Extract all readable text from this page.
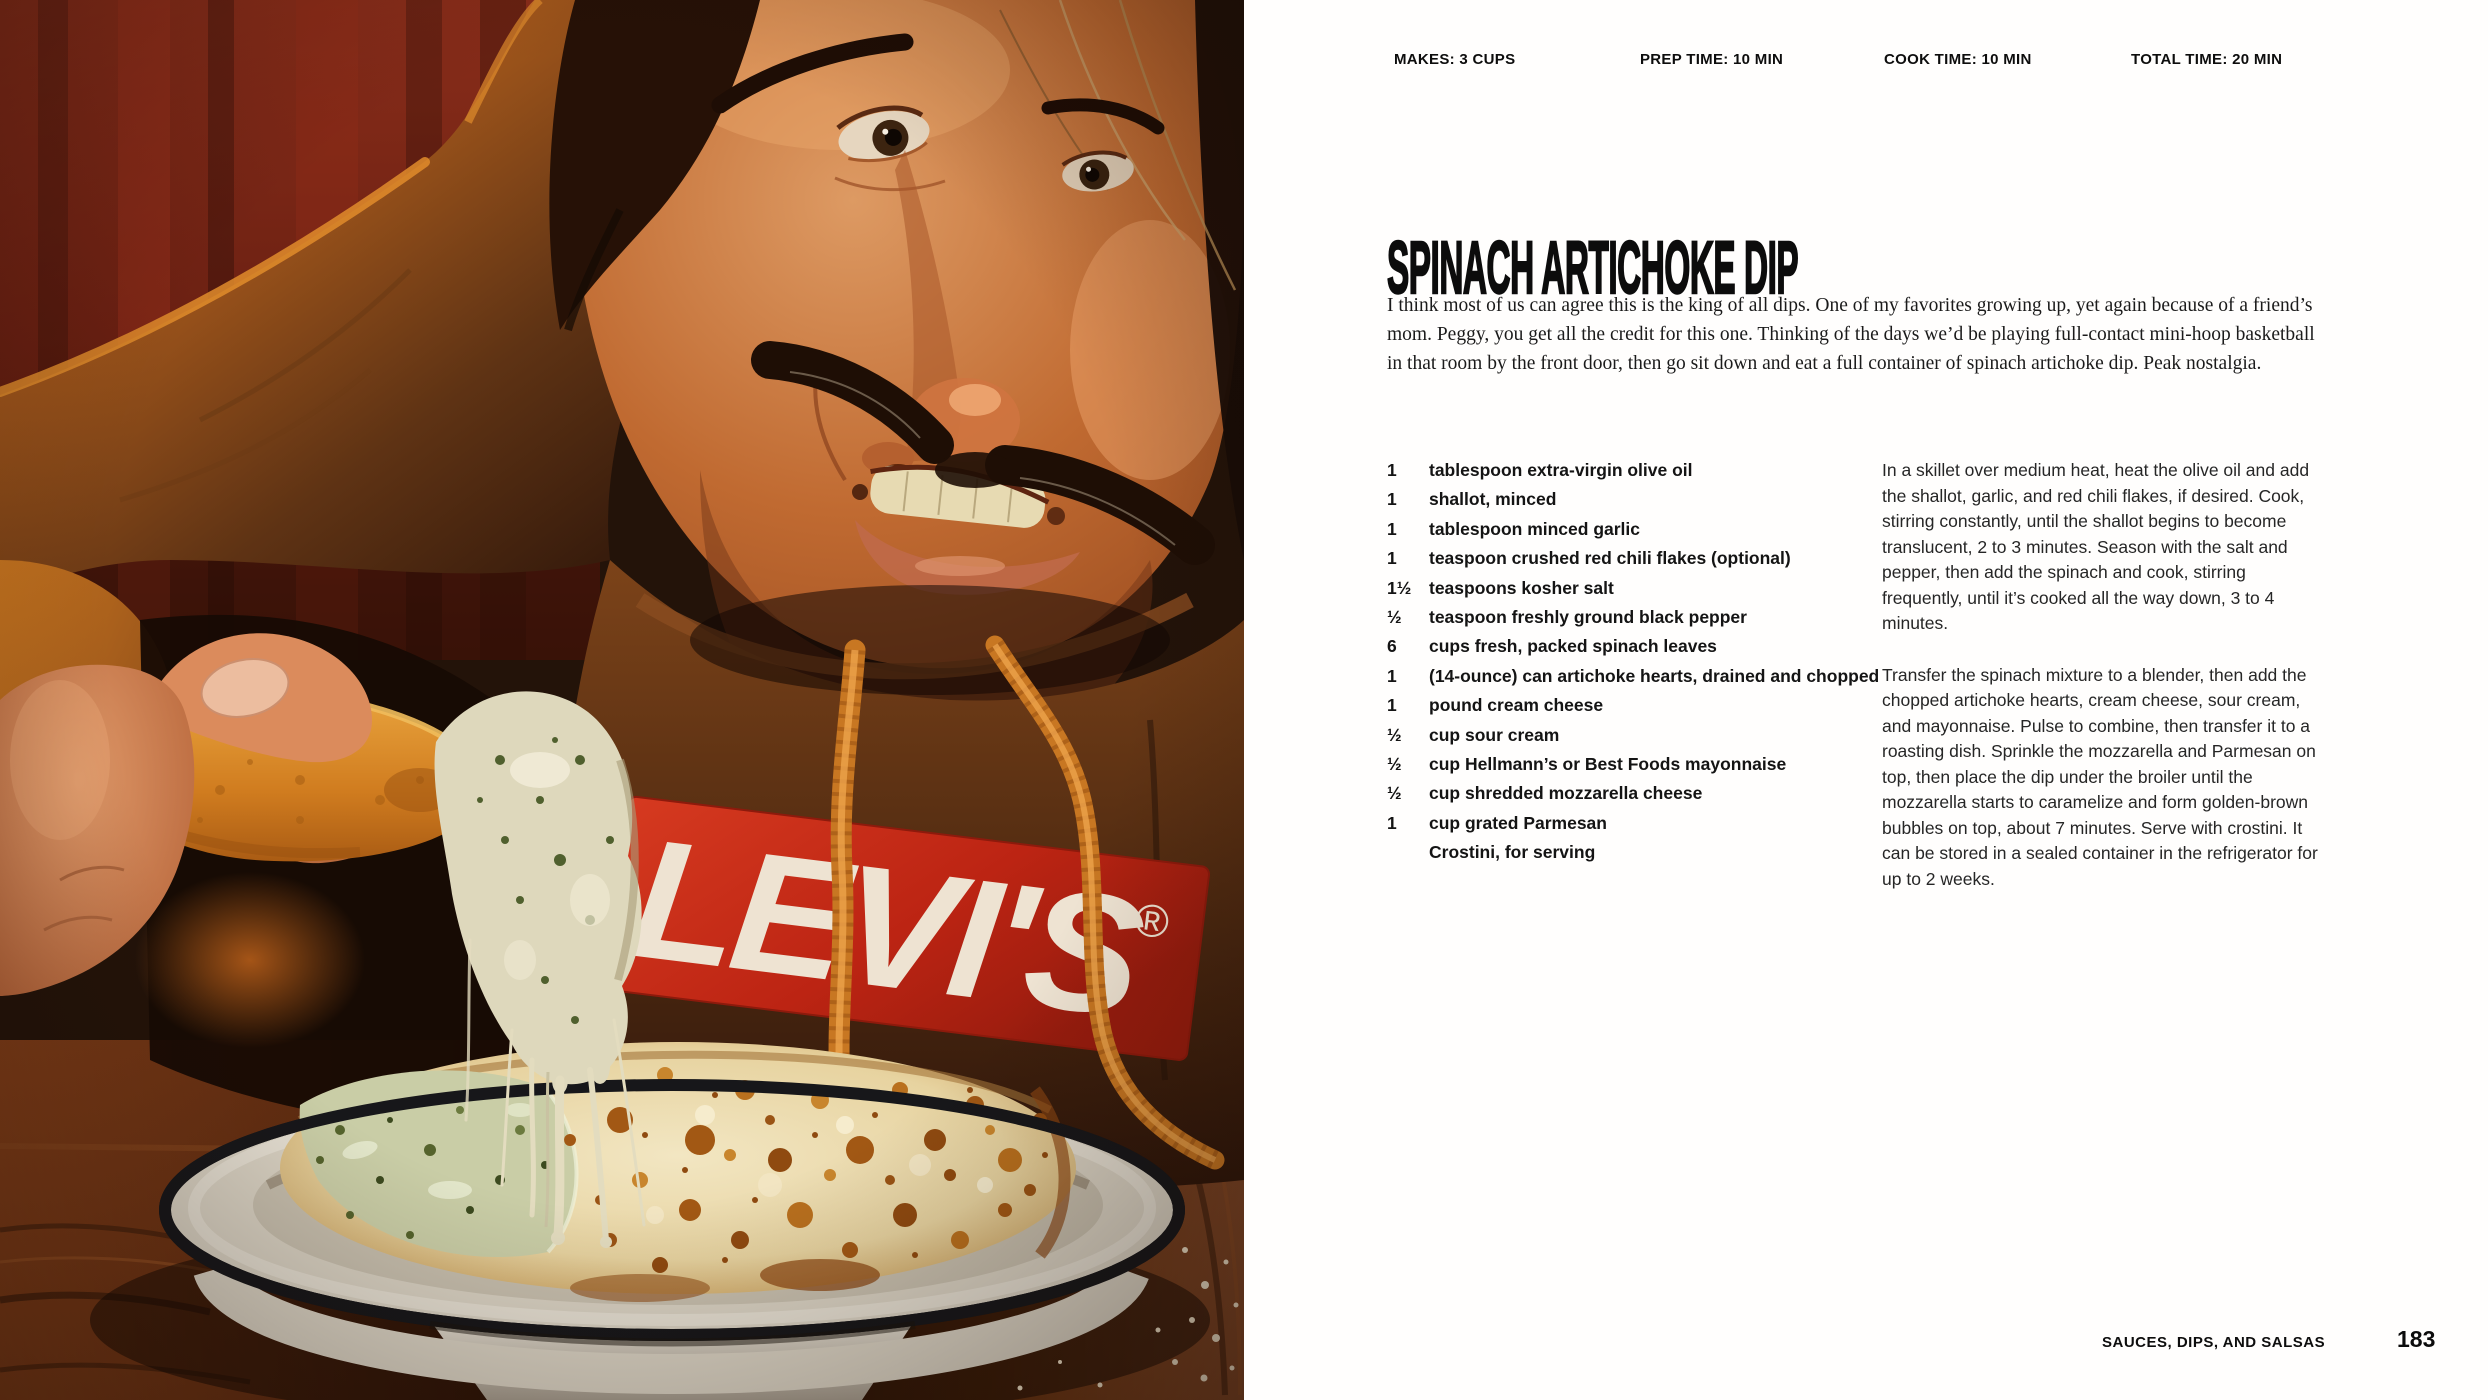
MAKES: 3 CUPS	PREP TIME: 10 MIN	COOK TIME: 10 MIN	TOTAL TIME: 20 MIN
SPINACH ARTICHOKE DIP

I think most of us can agree this is the king of all dips. One of my favorites growing up, yet again because of a friend’s mom. Peggy, you get all the credit for this one. Thinking of the days we’d be playing full-contact mini-hoop basketball in that room by the front door, then go sit down and eat a full container of spinach artichoke dip. Peak nostalgia.

1	tablespoon extra-virgin olive oil
1	shallot, minced
1	tablespoon minced garlic
1	teaspoon crushed red chili flakes (optional)
1½	teaspoons kosher salt
½	teaspoon freshly ground black pepper
6	cups fresh, packed spinach leaves
1	(14-ounce) can artichoke hearts, drained and chopped
1	pound cream cheese
½	cup sour cream
½	cup Hellmann’s or Best Foods mayonnaise
½	cup shredded mozzarella cheese
1	cup grated Parmesan
Crostini, for serving

In a skillet over medium heat, heat the olive oil and add the shallot, garlic, and red chili flakes, if desired. Cook, stirring constantly, until the shallot begins to become translucent, 2 to 3 minutes. Season with the salt and pepper, then add the spinach and cook, stirring frequently, until it’s cooked all the way down, 3 to 4 minutes.

Transfer the spinach mixture to a blender, then add the chopped artichoke hearts, cream cheese, sour cream, and mayonnaise. Pulse to combine, then transfer it to a roasting dish. Sprinkle the mozzarella and Parmesan on top, then place the dip under the broiler until the mozzarella starts to caramelize and form golden-brown bubbles on top, about 7 minutes. Serve with crostini. It can be stored in a sealed container in the refrigerator for up to 2 weeks.

SAUCES, DIPS, AND SALSAS	183
